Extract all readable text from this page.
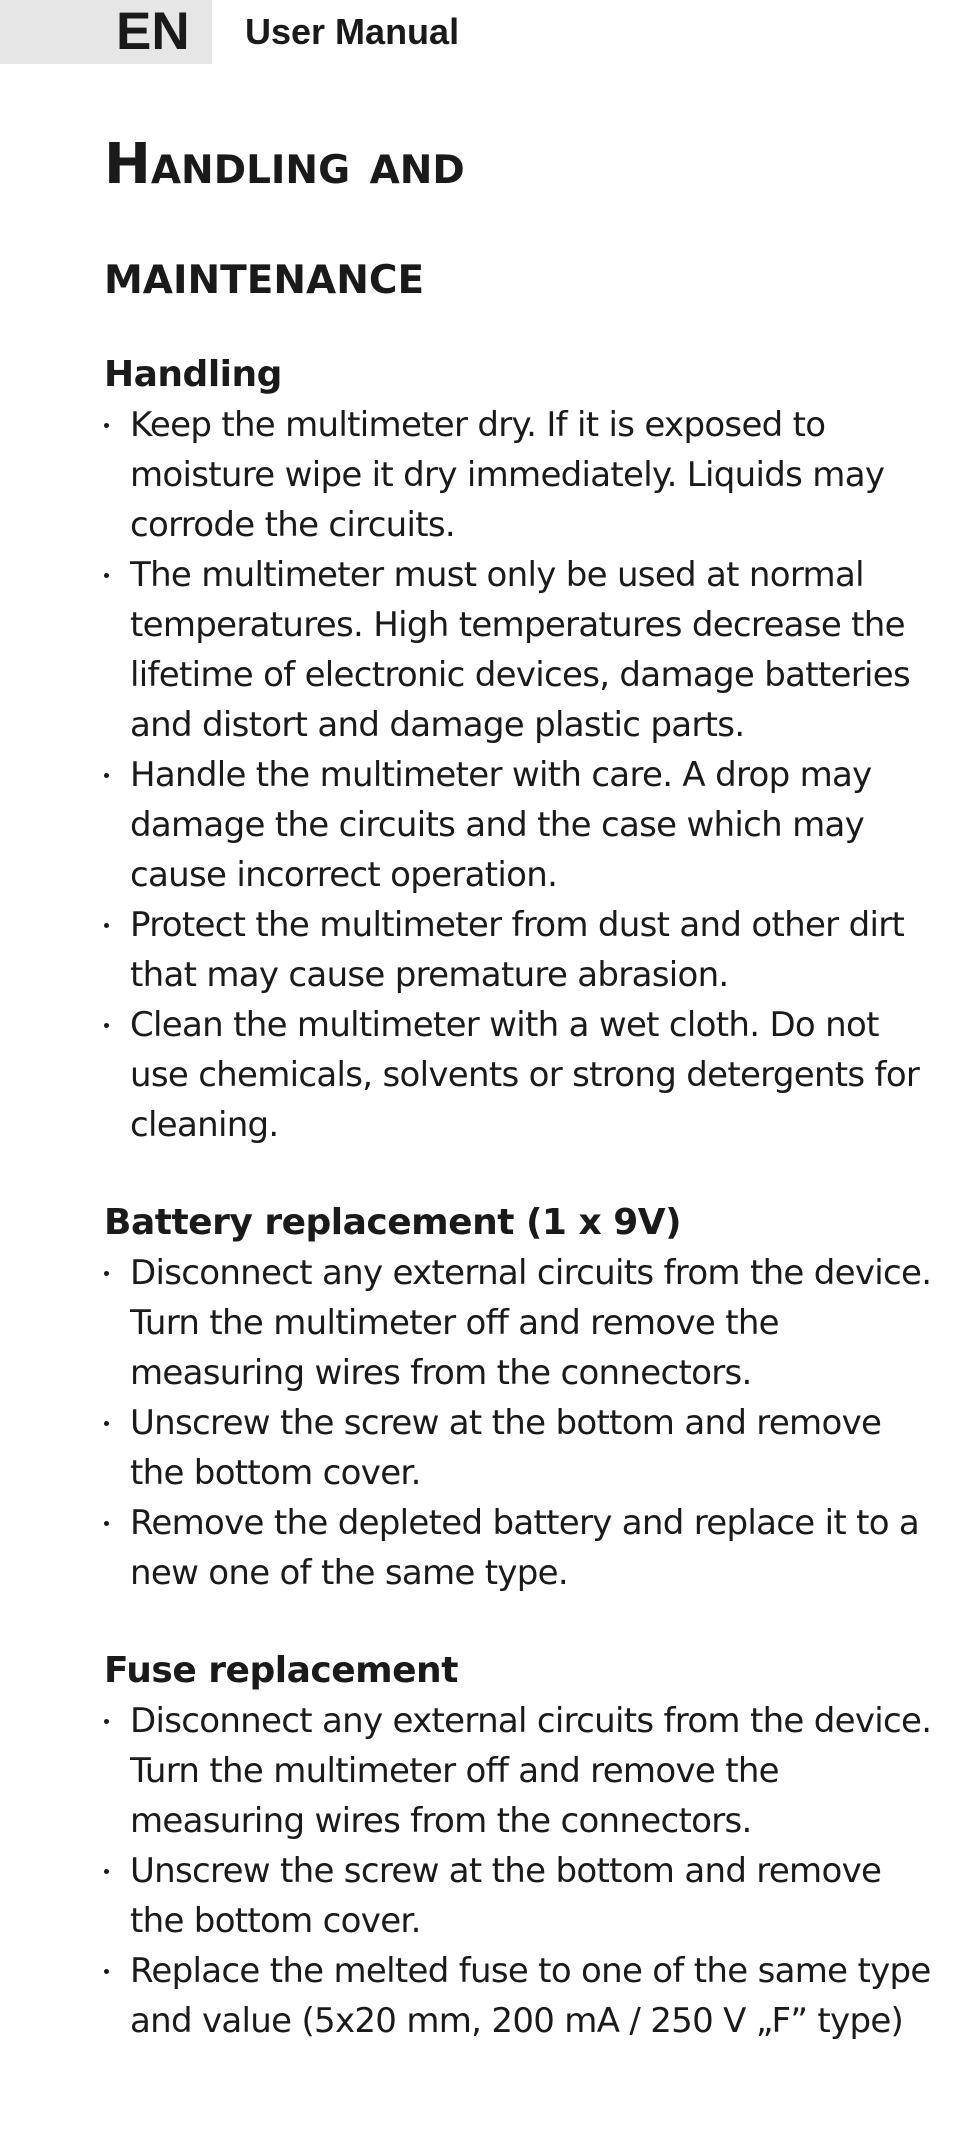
EN User Manual
Handling and
maintenance
Handling
Keep the multimeter dry. If it is exposed to moisture wipe it dry immediately. Liquids may corrode the circuits.
The multimeter must only be used at normal temperatures. High temperatures decrease the lifetime of electronic devices, damage batteries and distort and damage plastic parts.
Handle the multimeter with care. A drop may damage the circuits and the case which may cause incorrect operation.
Protect the multimeter from dust and other dirt that may cause premature abrasion.
Clean the multimeter with a wet cloth. Do not use chemicals, solvents or strong detergents for cleaning.
Battery replacement (1 x 9V)
Disconnect any external circuits from the device. Turn the multimeter off and remove the measuring wires from the connectors.
Unscrew the screw at the bottom and remove the bottom cover.
Remove the depleted battery and replace it to a new one of the same type.
Fuse replacement
Disconnect any external circuits from the device. Turn the multimeter off and remove the measuring wires from the connectors.
Unscrew the screw at the bottom and remove the bottom cover.
Replace the melted fuse to one of the same type and value (5x20 mm, 200 mA / 250 V „F” type)
